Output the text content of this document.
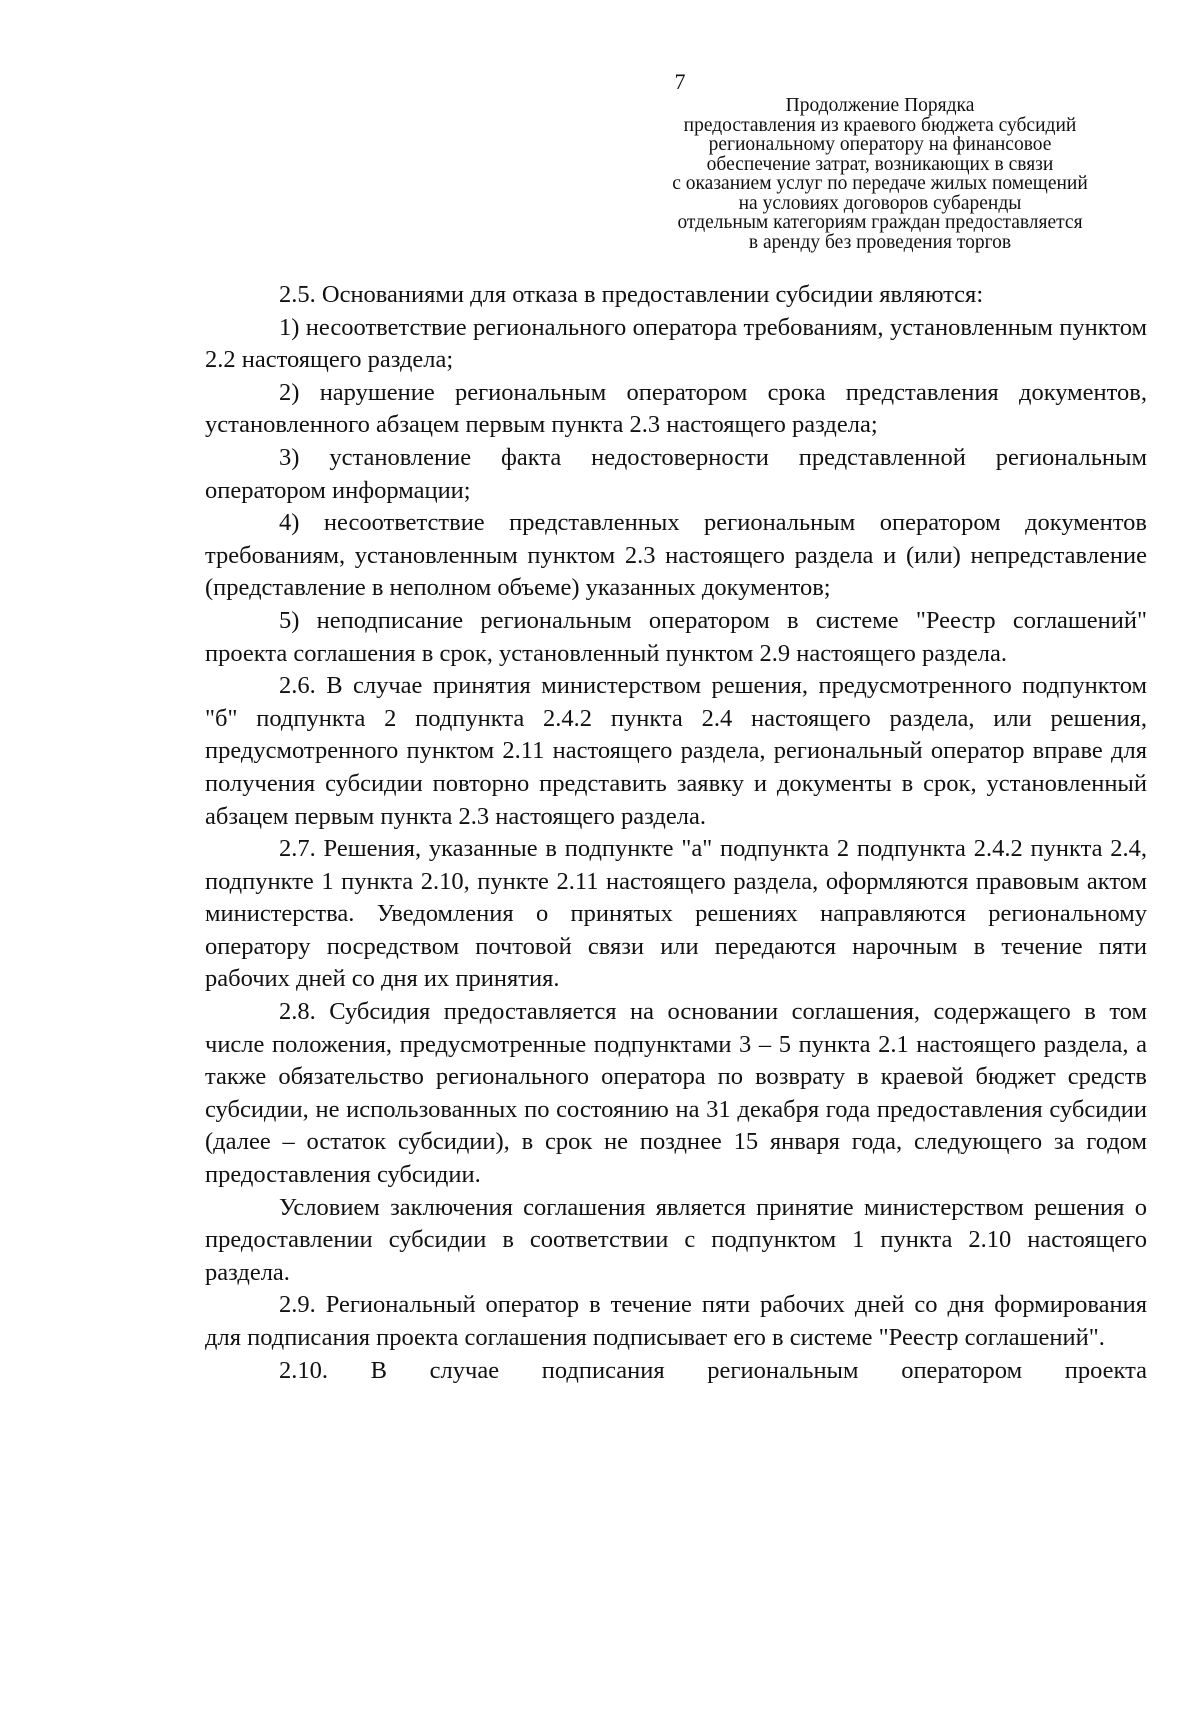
7
Продолжение Порядка
предоставления из краевого бюджета субсидий
региональному оператору на финансовое
обеспечение затрат, возникающих в связи
с оказанием услуг по передаче жилых помещений
на условиях договоров субаренды
отдельным категориям граждан предоставляется
в аренду без проведения торгов

2.5. Основаниями для отказа в предоставлении субсидии являются:

1) несоответствие регионального оператора требованиям, установленным пунктом 2.2 настоящего раздела;

2) нарушение региональным оператором срока представления документов, установленного абзацем первым пункта 2.3 настоящего раздела;

3) установление факта недостоверности представленной региональным оператором информации;

4) несоответствие представленных региональным оператором документов требованиям, установленным пунктом 2.3 настоящего раздела и (или) непредставление (представление в неполном объеме) указанных документов;

5) неподписание региональным оператором в системе "Реестр соглашений" проекта соглашения в срок, установленный пунктом 2.9 настоящего раздела.

2.6. В случае принятия министерством решения, предусмотренного подпунктом "б" подпункта 2 подпункта 2.4.2 пункта 2.4 настоящего раздела, или решения, предусмотренного пунктом 2.11 настоящего раздела, региональный оператор вправе для получения субсидии повторно представить заявку и документы в срок, установленный абзацем первым пункта 2.3 настоящего раздела.

2.7. Решения, указанные в подпункте "а" подпункта 2 подпункта 2.4.2 пункта 2.4, подпункте 1 пункта 2.10, пункте 2.11 настоящего раздела, оформляются правовым актом министерства. Уведомления о принятых решениях направляются региональному оператору посредством почтовой связи или передаются нарочным в течение пяти рабочих дней со дня их принятия.

2.8. Субсидия предоставляется на основании соглашения, содержащего в том числе положения, предусмотренные подпунктами 3 – 5 пункта 2.1 настоящего раздела, а также обязательство регионального оператора по возврату в краевой бюджет средств субсидии, не использованных по состоянию на 31 декабря года предоставления субсидии (далее – остаток субсидии), в срок не позднее 15 января года, следующего за годом предоставления субсидии.

Условием заключения соглашения является принятие министерством решения о предоставлении субсидии в соответствии с подпунктом 1 пункта 2.10 настоящего раздела.

2.9. Региональный оператор в течение пяти рабочих дней со дня формирования для подписания проекта соглашения подписывает его в системе "Реестр соглашений".

2.10. В случае подписания региональным оператором проекта
